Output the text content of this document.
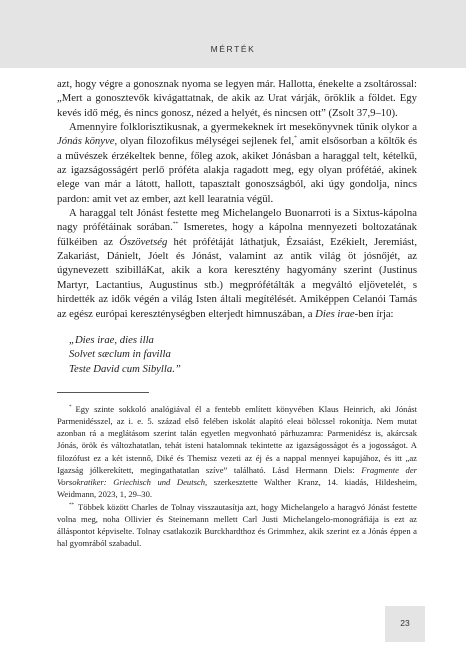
MÉRTÉK

azt, hogy végre a gonosznak nyoma se legyen már. Hallotta, énekelte a zsoltárossal: „Mert a gonosztevők kivágattatnak, de akik az Urat várják, öröklik a földet. Egy kevés idő még, és nincs gonosz, nézed a helyét, és nincsen ott” (Zsolt 37,9–10).

Amennyire folklorisztikusnak, a gyermekeknek írt mesekönyvnek tűnik olykor a Jónás könyve, olyan filozofikus mélységei sejlenek fel,* amit elsősorban a költők és a művészek érzékeltek benne, főleg azok, akiket Jónásban a haraggal telt, kételkű, az igazságosságért perlő próféta alakja ragadott meg, egy olyan prófétáé, akinek elege van már a látott, hallott, tapasztalt gonoszságból, aki úgy gondolja, nincs pardon: amit vet az ember, azt kell learatnia végül.

A haraggal telt Jónást festette meg Michelangelo Buonarroti is a Sixtus-kápolna nagy prófétáinak sorában.** Ismeretes, hogy a kápolna mennyezeti boltozatának fülkéiben az Ószövetség hét prófétáját láthatjuk, Ézsaiást, Ezékielt, Jeremiást, Zakariást, Dánielt, Jóelt és Jónást, valamint az antik világ öt jósnőjét, az úgynevezett szibilláKat, akik a kora keresztény hagyomány szerint (Justinus Martyr, Lactantius, Augustinus stb.) megprófétálták a megváltó eljövetelét, s hirdették az idők végén a világ Isten általi megítélését. Amiképpen Celanói Tamás az egész európai kereszténységben elterjedt himnuszában, a Dies irae-ben írja:

„Dies irae, dies illa
Solvet sæclum in favilla
Teste David cum Sibylla.”

* Egy szinte sokkoló analógiával él a fentebb említett könyvében Klaus Heinrich, aki Jónást Parmenidésszel, az i. e. 5. század első felében iskolát alapító eleai bölcssel rokonítja. Nem mutat azonban rá a meglátásom szerint talán egyetlen megvonható párhuzamra: Parmenidész is, akárcsak Jónás, örök és változhatatlan, tehát isteni hatalomnak tekintette az igazságosságot és a jogosságot. A filozófust ez a két istennő, Diké és Themisz vezeti az éj és a nappal mennyei kapujához, és itt „az Igazság jólkerekített, megingathatatlan szíve” található. Lásd Hermann Diels: Fragmente der Vorsokratiker: Griechisch und Deutsch, szerkesztette Walther Kranz, 14. kiadás, Hildesheim, Weidmann, 2023, 1, 29–30.

** Többek között Charles de Tolnay visszautasítja azt, hogy Michelangelo a haragvó Jónást festette volna meg, noha Ollivier és Steinemann mellett Carl Justi Michelangelo-monográfiája is ezt az álláspontot képviselte. Tolnay csatlakozik Burckhardthoz és Grimmhez, akik szerint ez a Jónás éppen a hal gyomrából szabadul.

23
